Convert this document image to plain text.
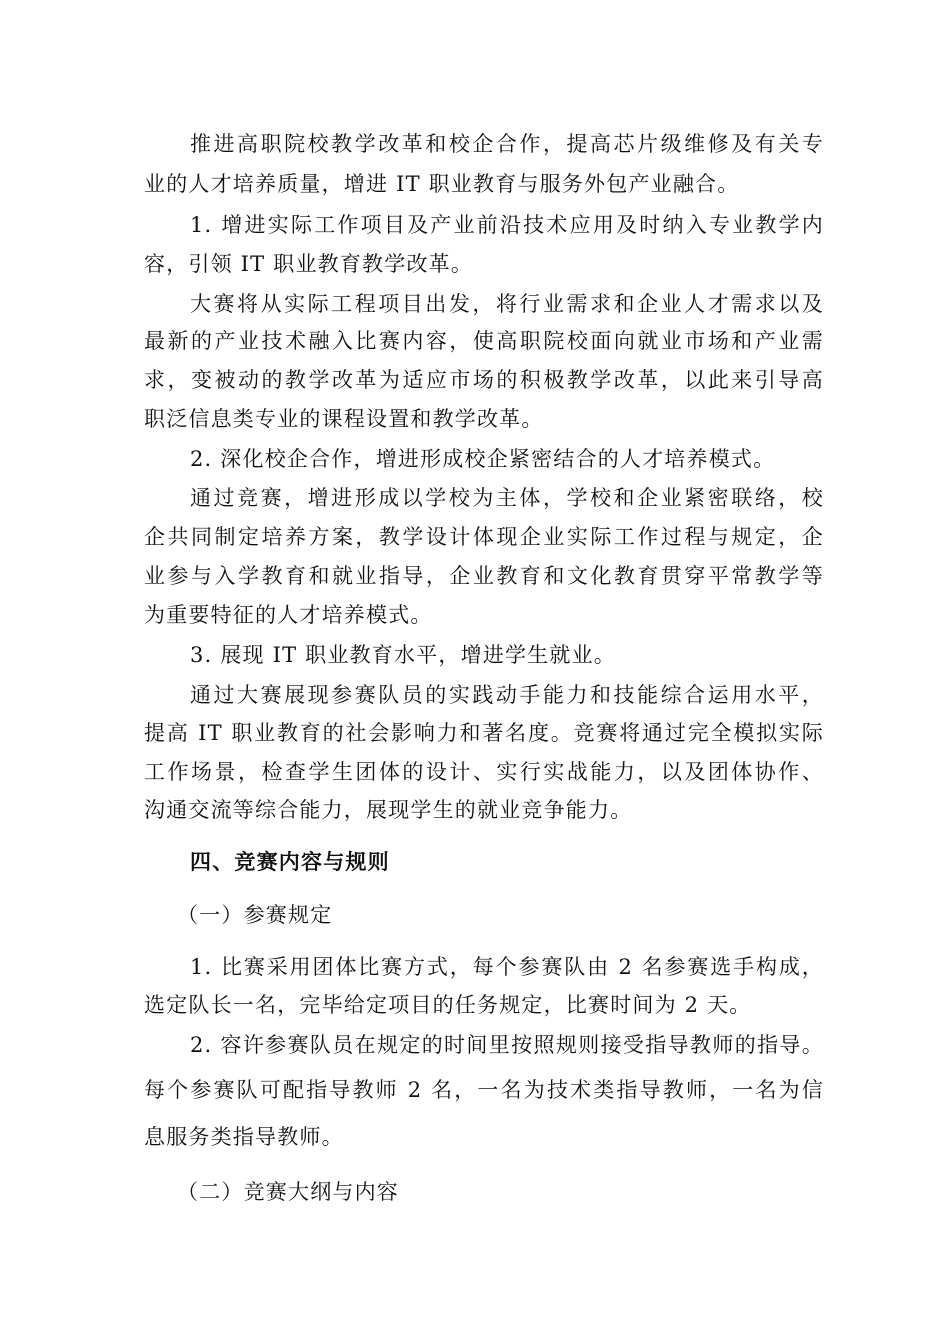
推进高职院校教学改革和校企合作，提高芯片级维修及有关专
业的人才培养质量，增进 IT 职业教育与服务外包产业融合。
1. 增进实际工作项目及产业前沿技术应用及时纳入专业教学内
容，引领 IT 职业教育教学改革。
大赛将从实际工程项目出发，将行业需求和企业人才需求以及
最新的产业技术融入比赛内容，使高职院校面向就业市场和产业需
求，变被动的教学改革为适应市场的积极教学改革，以此来引导高
职泛信息类专业的课程设置和教学改革。
2. 深化校企合作，增进形成校企紧密结合的人才培养模式。
通过竞赛，增进形成以学校为主体，学校和企业紧密联络，校
企共同制定培养方案，教学设计体现企业实际工作过程与规定，企
业参与入学教育和就业指导，企业教育和文化教育贯穿平常教学等
为重要特征的人才培养模式。
3. 展现 IT 职业教育水平，增进学生就业。
通过大赛展现参赛队员的实践动手能力和技能综合运用水平，
提高 IT 职业教育的社会影响力和著名度。竞赛将通过完全模拟实际
工作场景，检查学生团体的设计、实行实战能力，以及团体协作、
沟通交流等综合能力，展现学生的就业竞争能力。
四、竞赛内容与规则
（一）参赛规定
1. 比赛采用团体比赛方式，每个参赛队由 2 名参赛选手构成，
选定队长一名，完毕给定项目的任务规定，比赛时间为 2 天。
2. 容许参赛队员在规定的时间里按照规则接受指导教师的指导。
每个参赛队可配指导教师 2 名，一名为技术类指导教师，一名为信
息服务类指导教师。
（二）竞赛大纲与内容
